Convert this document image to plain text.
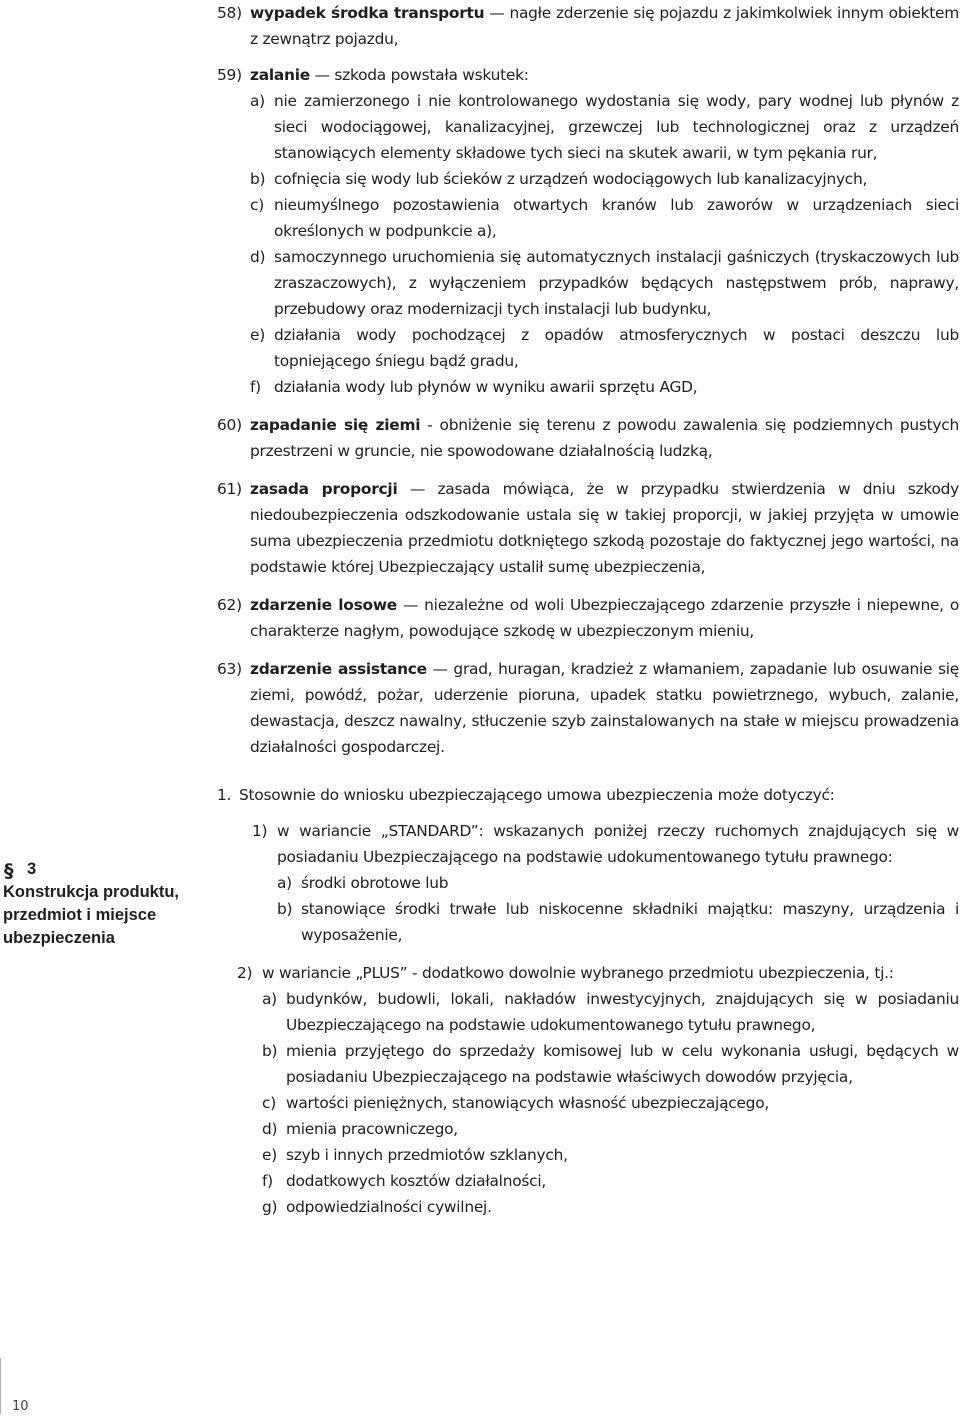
§ 3
Konstrukcja produktu, przedmiot i miejsce ubezpieczenia
58) wypadek środka transportu — nagłe zderzenie się pojazdu z jakimkolwiek innym obiektem z zewnątrz pojazdu,
59) zalanie — szkoda powstała wskutek:
a) nie zamierzonego i nie kontrolowanego wydostania się wody, pary wodnej lub płynów z sieci wodociągowej, kanalizacyjnej, grzewczej lub technologicznej oraz z urządzeń stanowiących elementy składowe tych sieci na skutek awarii, w tym pękania rur,
b) cofnięcia się wody lub ścieków z urządzeń wodociągowych lub kanalizacyjnych,
c) nieumyślnego pozostawienia otwartych kranów lub zaworów w urządzeniach sieci określonych w podpunkcie a),
d) samoczynnego uruchomienia się automatycznych instalacji gaśniczych (tryskaczowych lub zraszaczowych), z wyłączeniem przypadków będących następstwem prób, naprawy, przebudowy oraz modernizacji tych instalacji lub budynku,
e) działania wody pochodzącej z opadów atmosferycznych w postaci deszczu lub topniejącego śniegu bądź gradu,
f) działania wody lub płynów w wyniku awarii sprzętu AGD,
60) zapadanie się ziemi - obniżenie się terenu z powodu zawalenia się podziemnych pustych przestrzeni w gruncie, nie spowodowane działalnością ludzką,
61) zasada proporcji — zasada mówiąca, że w przypadku stwierdzenia w dniu szkody niedoubezpieczenia odszkodowanie ustala się w takiej proporcji, w jakiej przyjęta w umowie suma ubezpieczenia przedmiotu dotkniętego szkodą pozostaje do faktycznej jego wartości, na podstawie której Ubezpieczający ustalił sumę ubezpieczenia,
62) zdarzenie losowe — niezależne od woli Ubezpieczającego zdarzenie przyszłe i niepewne, o charakterze nagłym, powodujące szkodę w ubezpieczonym mieniu,
63) zdarzenie assistance — grad, huragan, kradzież z włamaniem, zapadanie lub osuwanie się ziemi, powódź, pożar, uderzenie pioruna, upadek statku powietrznego, wybuch, zalanie, dewastacja, deszcz nawalny, stłuczenie szyb zainstalowanych na stałe w miejscu prowadzenia działalności gospodarczej.
1. Stosownie do wniosku ubezpieczającego umowa ubezpieczenia może dotyczyć:
1) w wariancie „STANDARD”: wskazanych poniżej rzeczy ruchomych znajdujących się w posiadaniu Ubezpieczającego na podstawie udokumentowanego tytułu prawnego:
a) środki obrotowe lub
b) stanowiące środki trwałe lub niskocenne składniki majątku: maszyny, urządzenia i wyposażenie,
2) w wariancie „PLUS” - dodatkowo dowolnie wybranego przedmiotu ubezpieczenia, tj.:
a) budynków, budowli, lokali, nakładów inwestycyjnych, znajdujących się w posiadaniu Ubezpieczającego na podstawie udokumentowanego tytułu prawnego,
b) mienia przyjętego do sprzedaży komisowej lub w celu wykonania usługi, będących w posiadaniu Ubezpieczającego na podstawie właściwych dowodów przyjęcia,
c) wartości pieniężnych, stanowiących własność ubezpieczającego,
d) mienia pracowniczego,
e) szyb i innych przedmiotów szklanych,
f) dodatkowych kosztów działalności,
g) odpowiedzialności cywilnej.
10
